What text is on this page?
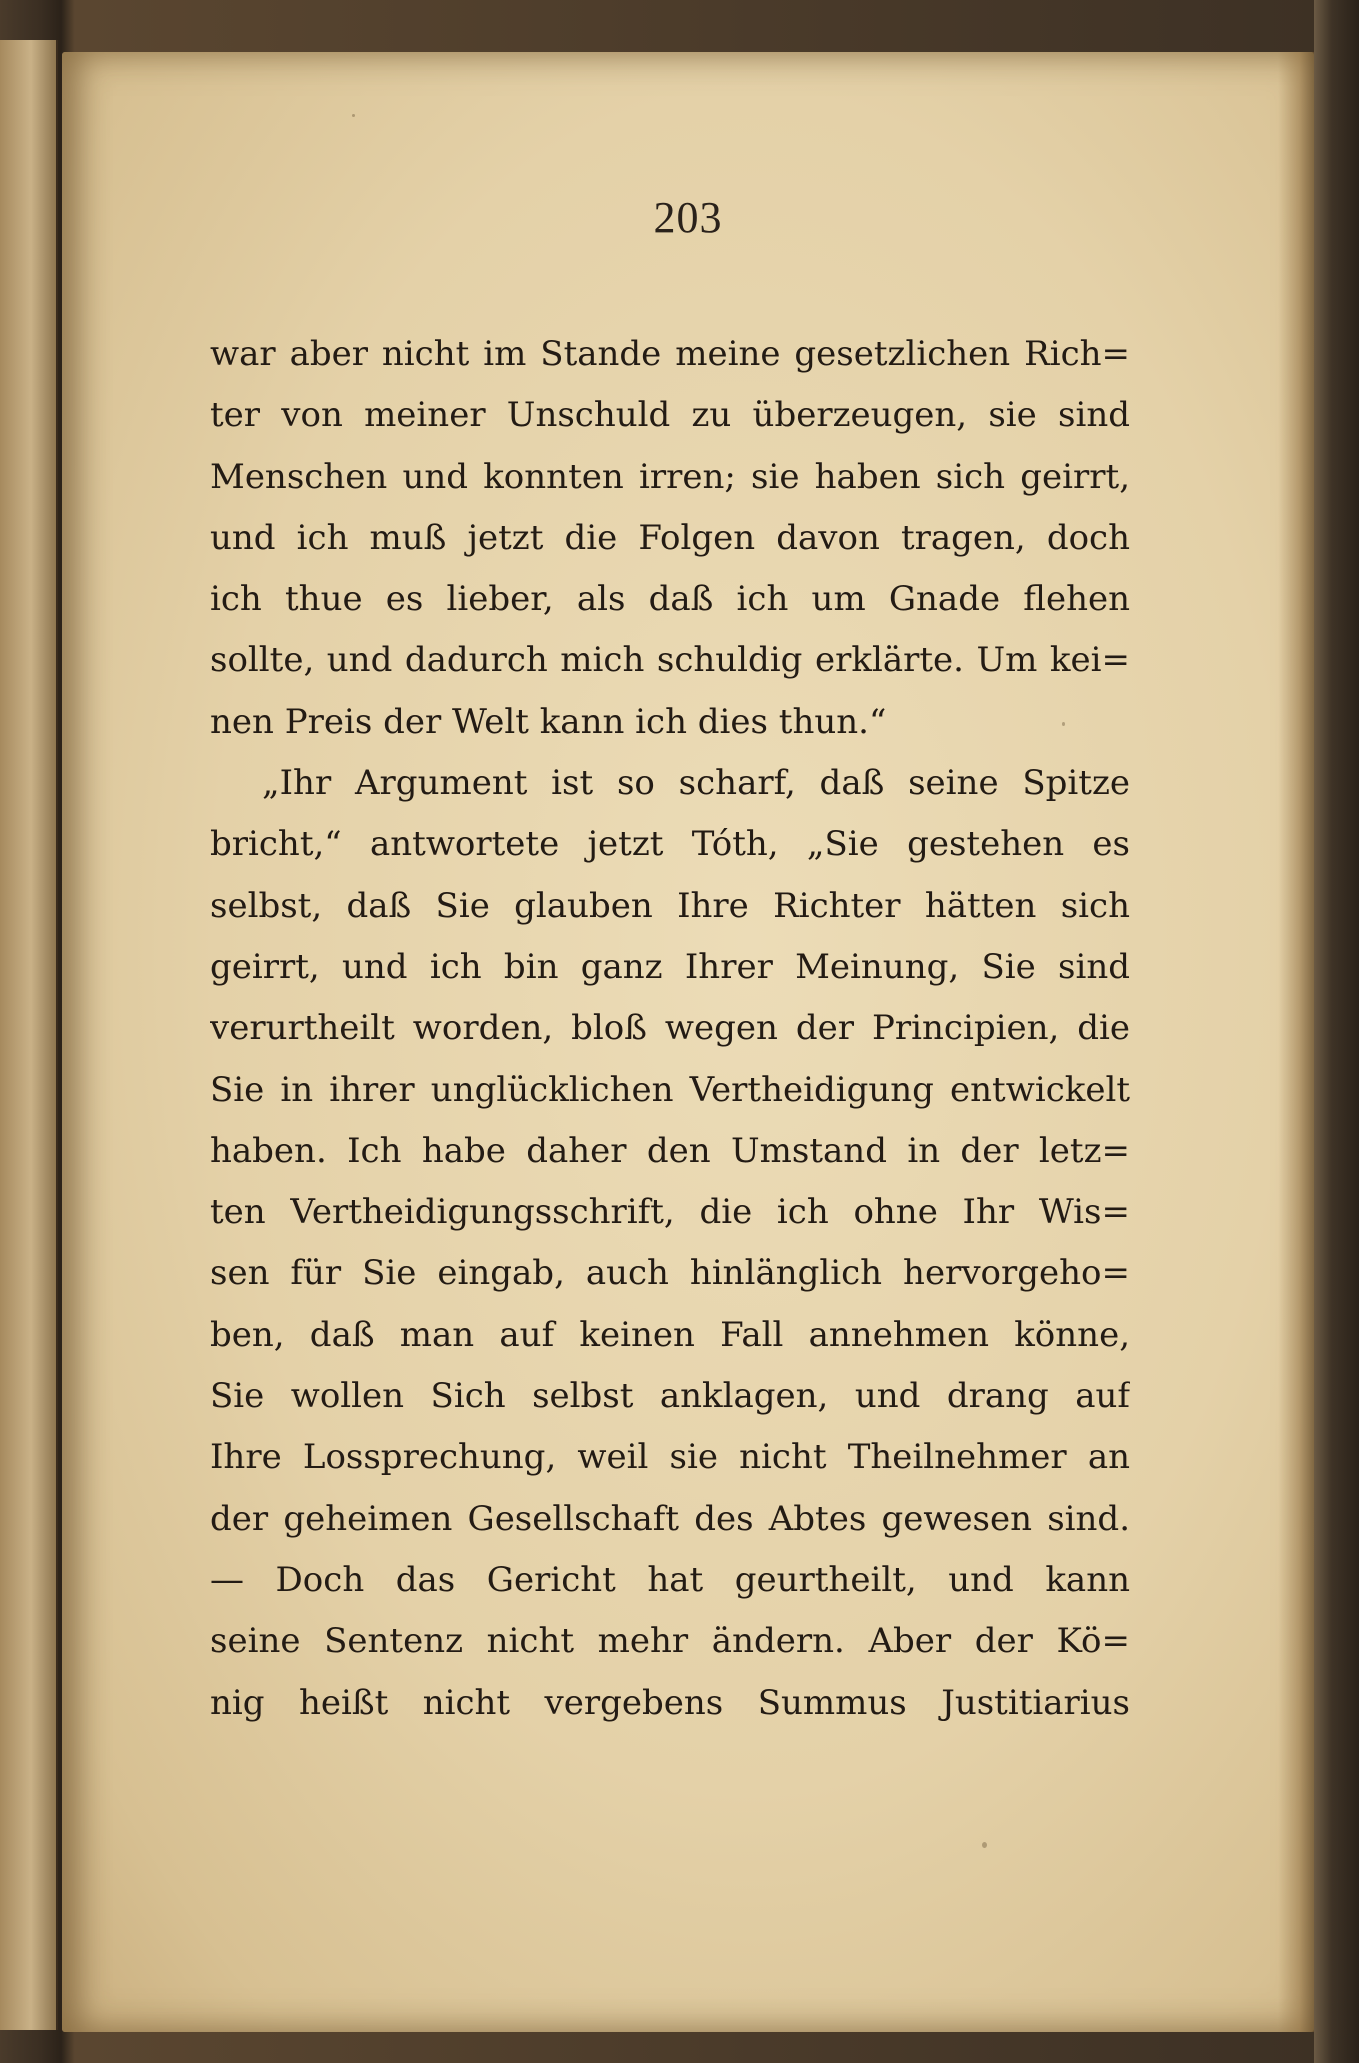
203
war aber nicht im Stande meine gesetzlichen Rich=
ter von meiner Unschuld zu überzeugen, sie sind
Menschen und konnten irren; sie haben sich geirrt,
und ich muß jetzt die Folgen davon tragen, doch
ich thue es lieber, als daß ich um Gnade flehen
sollte, und dadurch mich schuldig erklärte. Um kei=
nen Preis der Welt kann ich dies thun.“
„Ihr Argument ist so scharf, daß seine Spitze
bricht,“ antwortete jetzt Tóth, „Sie gestehen es
selbst, daß Sie glauben Ihre Richter hätten sich
geirrt, und ich bin ganz Ihrer Meinung, Sie sind
verurtheilt worden, bloß wegen der Principien, die
Sie in ihrer unglücklichen Vertheidigung entwickelt
haben. Ich habe daher den Umstand in der letz=
ten Vertheidigungsschrift, die ich ohne Ihr Wis=
sen für Sie eingab, auch hinlänglich hervorgeho=
ben, daß man auf keinen Fall annehmen könne,
Sie wollen Sich selbst anklagen, und drang auf
Ihre Lossprechung, weil sie nicht Theilnehmer an
der geheimen Gesellschaft des Abtes gewesen sind.
— Doch das Gericht hat geurtheilt, und kann
seine Sentenz nicht mehr ändern. Aber der Kö=
nig heißt nicht vergebens Summus Justitiarius
